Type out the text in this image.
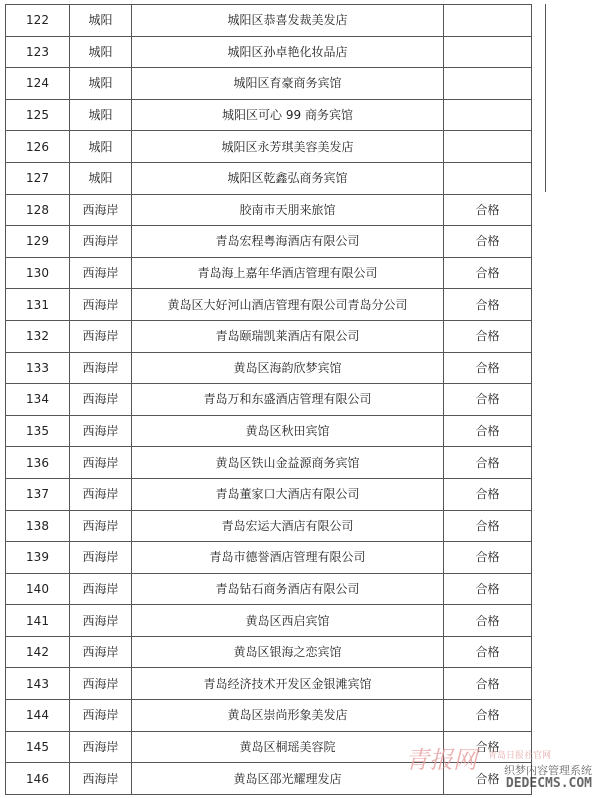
122	城阳	城阳区恭喜发裁美发店		
123	城阳	城阳区孙卓艳化妆品店		
124	城阳	城阳区育豪商务宾馆		
125	城阳	城阳区可心 99 商务宾馆		
126	城阳	城阳区永芳琪美容美发店		
127	城阳	城阳区乾鑫弘商务宾馆		
128	西海岸	胶南市天朋来旅馆	合格	
129	西海岸	青岛宏程粤海酒店有限公司	合格	
130	西海岸	青岛海上嘉年华酒店管理有限公司	合格	
131	西海岸	黄岛区大好河山酒店管理有限公司青岛分公司	合格	
132	西海岸	青岛颐瑞凯莱酒店有限公司	合格	
133	西海岸	黄岛区海韵欣梦宾馆	合格	
134	西海岸	青岛万和东盛酒店管理有限公司	合格	
135	西海岸	黄岛区秋田宾馆	合格	
136	西海岸	黄岛区铁山金益源商务宾馆	合格	
137	西海岸	青岛董家口大酒店有限公司	合格	
138	西海岸	青岛宏运大酒店有限公司	合格	
139	西海岸	青岛市德誉酒店管理有限公司	合格	
140	西海岸	青岛钻石商务酒店有限公司	合格	
141	西海岸	黄岛区西启宾馆	合格	
142	西海岸	黄岛区银海之恋宾馆	合格	
143	西海岸	青岛经济技术开发区金银滩宾馆	合格	
144	西海岸	黄岛区崇尚形象美发店	合格	
145	西海岸	黄岛区桐瑶美容院	合格	
146	西海岸	黄岛区邵光耀理发店	合格	
青报网 青岛日报社官网
织梦内容管理系统
DEDECMS.COM
